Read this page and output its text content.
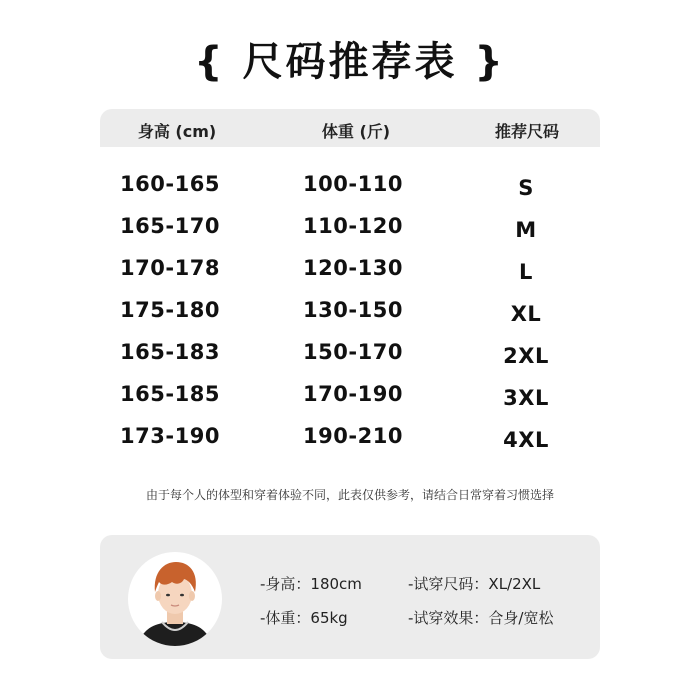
{ 尺码推荐表 }
身高 (cm)	体重 (斤)	推荐尺码
160-165	100-110	S
165-170	110-120	M
170-178	120-130	L
175-180	130-150	XL
165-183	150-170	2XL
165-185	170-190	3XL
173-190	190-210	4XL
由于每个人的体型和穿着体验不同，此表仅供参考，请结合日常穿着习惯选择
-身高：180cm
-体重：65kg
-试穿尺码：XL/2XL
-试穿效果：合身/宽松
